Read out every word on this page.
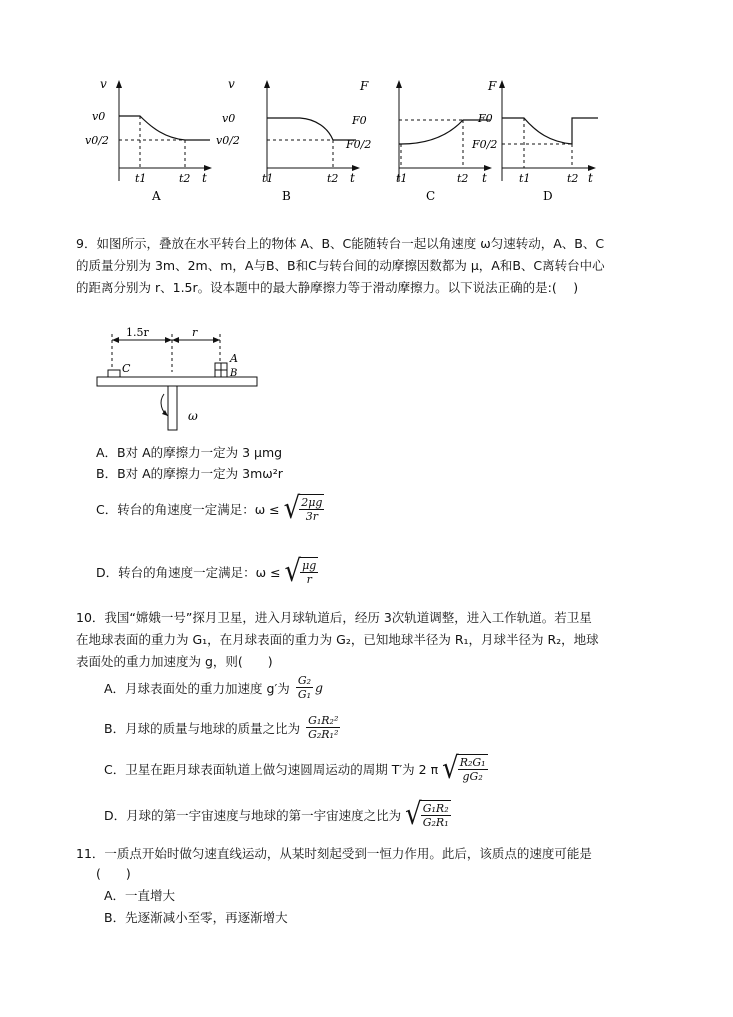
v
v0
v0/2
t1	t2 t
A
v
v0
v0/2
t1	t2 t
B
F
F0
F0/2
t1	t2 t
C
F
F0
F0/2
t1	t2 t
D
9．如图所示，叠放在水平转台上的物体 A、B、C能随转台一起以角速度 ω匀速转动，A、B、C
的质量分别为 3m、2m、m，A与B、B和C与转台间的动摩擦因数都为 μ，A和B、C离转台中心
的距离分别为 r、1.5r。设本题中的最大静摩擦力等于滑动摩擦力。以下说法正确的是:(　 )
1.5r	r
C
A
B
ω
A．B对 A的摩擦力一定为 3 μmg
B．B对 A的摩擦力一定为 3mω²r
C．转台的角速度一定满足：ω ≤ √ $\frac{2\mu g}{3r}$
D．转台的角速度一定满足：ω ≤ √ $\frac{\mu g}{r}$
10．我国“嫦娥一号”探月卫星，进入月球轨道后，经历 3次轨道调整，进入工作轨道。若卫星
在地球表面的重力为 G₁，在月球表面的重力为 G₂，已知地球半径为 R₁，月球半径为 R₂，地球
表面处的重力加速度为 g，则(　　)
A．月球表面处的重力加速度 g′为 $\frac{\text{G₂}}{\text{G₁}}$ g
B．月球的质量与地球的质量之比为 $\frac{\text{G₁R₂²}}{\text{G₂R₁²}}$
C．卫星在距月球表面轨道上做匀速圆周运动的周期 T′为 2 π √ $\frac{\text{R₂G₁}}{\text{gG₂}}$
D．月球的第一宇宙速度与地球的第一宇宙速度之比为 √ $\frac{\text{G₁R₂}}{\text{G₂R₁}}$
11．一质点开始时做匀速直线运动，从某时刻起受到一恒力作用。此后，该质点的速度可能是
(　　)
A．一直增大
B．先逐渐减小至零，再逐渐增大
